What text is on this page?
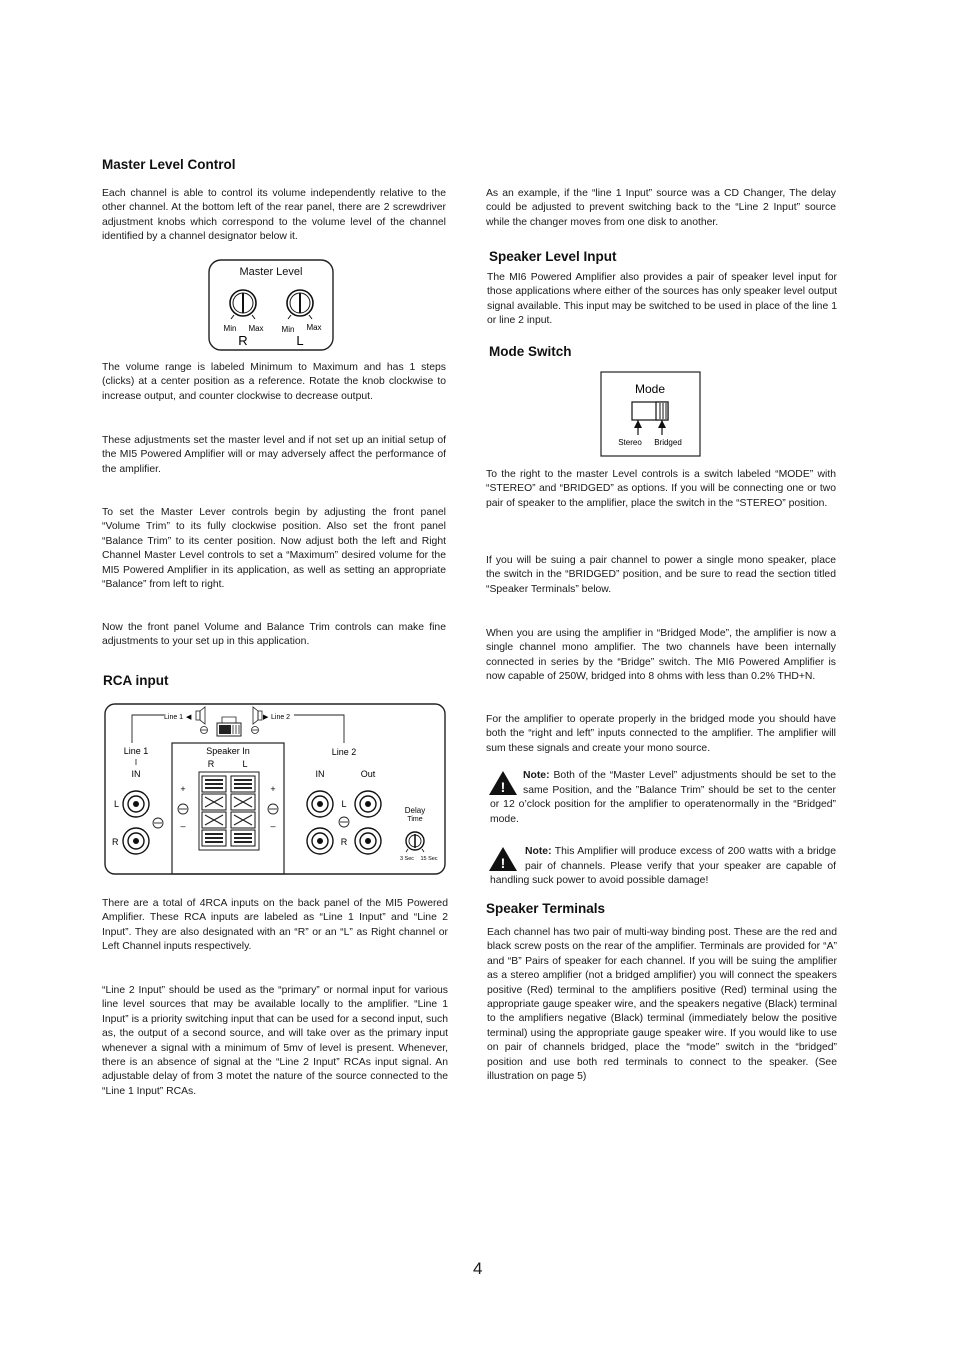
Master Level Control

Each channel is able to control its volume independently relative to the other channel. At the bottom left of the rear panel, there are 2 screwdriver adjustment knobs which correspond to the volume level of the channel identified by a channel designator below it.

Master Level
Min Max Min Max
R	L

The volume range is labeled Minimum to Maximum and has 1 steps (clicks) at a center position as a reference. Rotate the knob clockwise to increase output, and counter clockwise to decrease output.

These adjustments set the master level and if not set up an initial setup of the MI5 Powered Amplifier will or may adversely affect the performance of the amplifier.

To set the Master Lever controls begin by adjusting the front panel “Volume Trim” to its fully clockwise position. Also set the front panel “Balance Trim” to its center position. Now adjust both the left and Right Channel Master Level controls to set a “Maximum” desired volume for the MI5 Powered Amplifier in its application, as well as setting an appropriate “Balance” from left to right.

Now the front panel Volume and Balance Trim controls can make fine adjustments to your set up in this application.

RCA input
Line 1 ◀	▶ Line 2
Line 1
I
IN
L
R
Speaker In
R	L
+
–
+
–
Line 2
IN	Out
L
R
Delay
Time
3 Sec 15 Sec

There are a total of 4RCA inputs on the back panel of the MI5 Powered Amplifier. These RCA inputs are labeled as “Line 1 Input” and “Line 2 Input”. They are also designated with an “R” or an “L” as Right channel or Left Channel inputs respectively.

“Line 2 Input” should be used as the “primary” or normal input for various line level sources that may be available locally to the amplifier. “Line 1 Input” is a priority switching input that can be used for a second input, such as, the output of a second source, and will take over as the primary input whenever a signal with a minimum of 5mv of level is present. Whenever, there is an absence of signal at the “Line 2 Input” RCAs input signal. An adjustable delay of from 3 motet the nature of the source connected to the “Line 1 Input” RCAs.

As an example, if the “line 1 Input” source was a CD Changer, The delay could be adjusted to prevent switching back to the “Line 2 Input” source while the changer moves from one disk to another.

Speaker Level Input

The MI6 Powered Amplifier also provides a pair of speaker level input for those applications where either of the sources has only speaker level output signal available. This input may be switched to be used in place of the line 1 or line 2 input.

Mode Switch
Mode
Stereo Bridged

To the right to the master Level controls is a switch labeled “MODE” with “STEREO” and “BRIDGED” as options. If you will be connecting one or two pair of speaker to the amplifier, place the switch in the “STEREO” position.

If you will be suing a pair channel to power a single mono speaker, place the switch in the “BRIDGED” position, and be sure to read the section titled “Speaker Terminals” below.

When you are using the amplifier in “Bridged Mode”, the amplifier is now a single channel mono amplifier. The two channels have been internally connected in series by the “Bridge” switch. The MI6 Powered Amplifier is now capable of 250W, bridged into 8 ohms with less than 0.2% THD+N.

For the amplifier to operate properly in the bridged mode you should have both the “right and left” inputs connected to the amplifier. The amplifier will sum these signals and create your mono source.

!
Note: Both of the “Master Level” adjustments should be set to the same Position, and the ”Balance Trim” should be set to the center or 12 o’clock position for the amplifier to operatenormally in the “Bridged” mode.
!
Note: This Amplifier will produce excess of 200 watts with a bridge pair of channels. Please verify that your speaker are capable of handling suck power to avoid possible damage!
Speaker Terminals

Each channel has two pair of multi-way binding post. These are the red and black screw posts on the rear of the amplifier. Terminals are provided for “A” and “B” Pairs of speaker for each channel. If you will be suing the amplifier as a stereo amplifier (not a bridged amplifier) you will connect the speakers positive (Red) terminal to the amplifiers positive (Red) terminal using the appropriate gauge speaker wire, and the speakers negative (Black) terminal to the amplifiers negative (Black) terminal (immediately below the positive terminal) using the appropriate gauge speaker wire. If you would like to use on pair of channels bridged, place the “mode” switch in the “bridged” position and use both red terminals to connect to the speaker. (See illustration on page 5)

4
